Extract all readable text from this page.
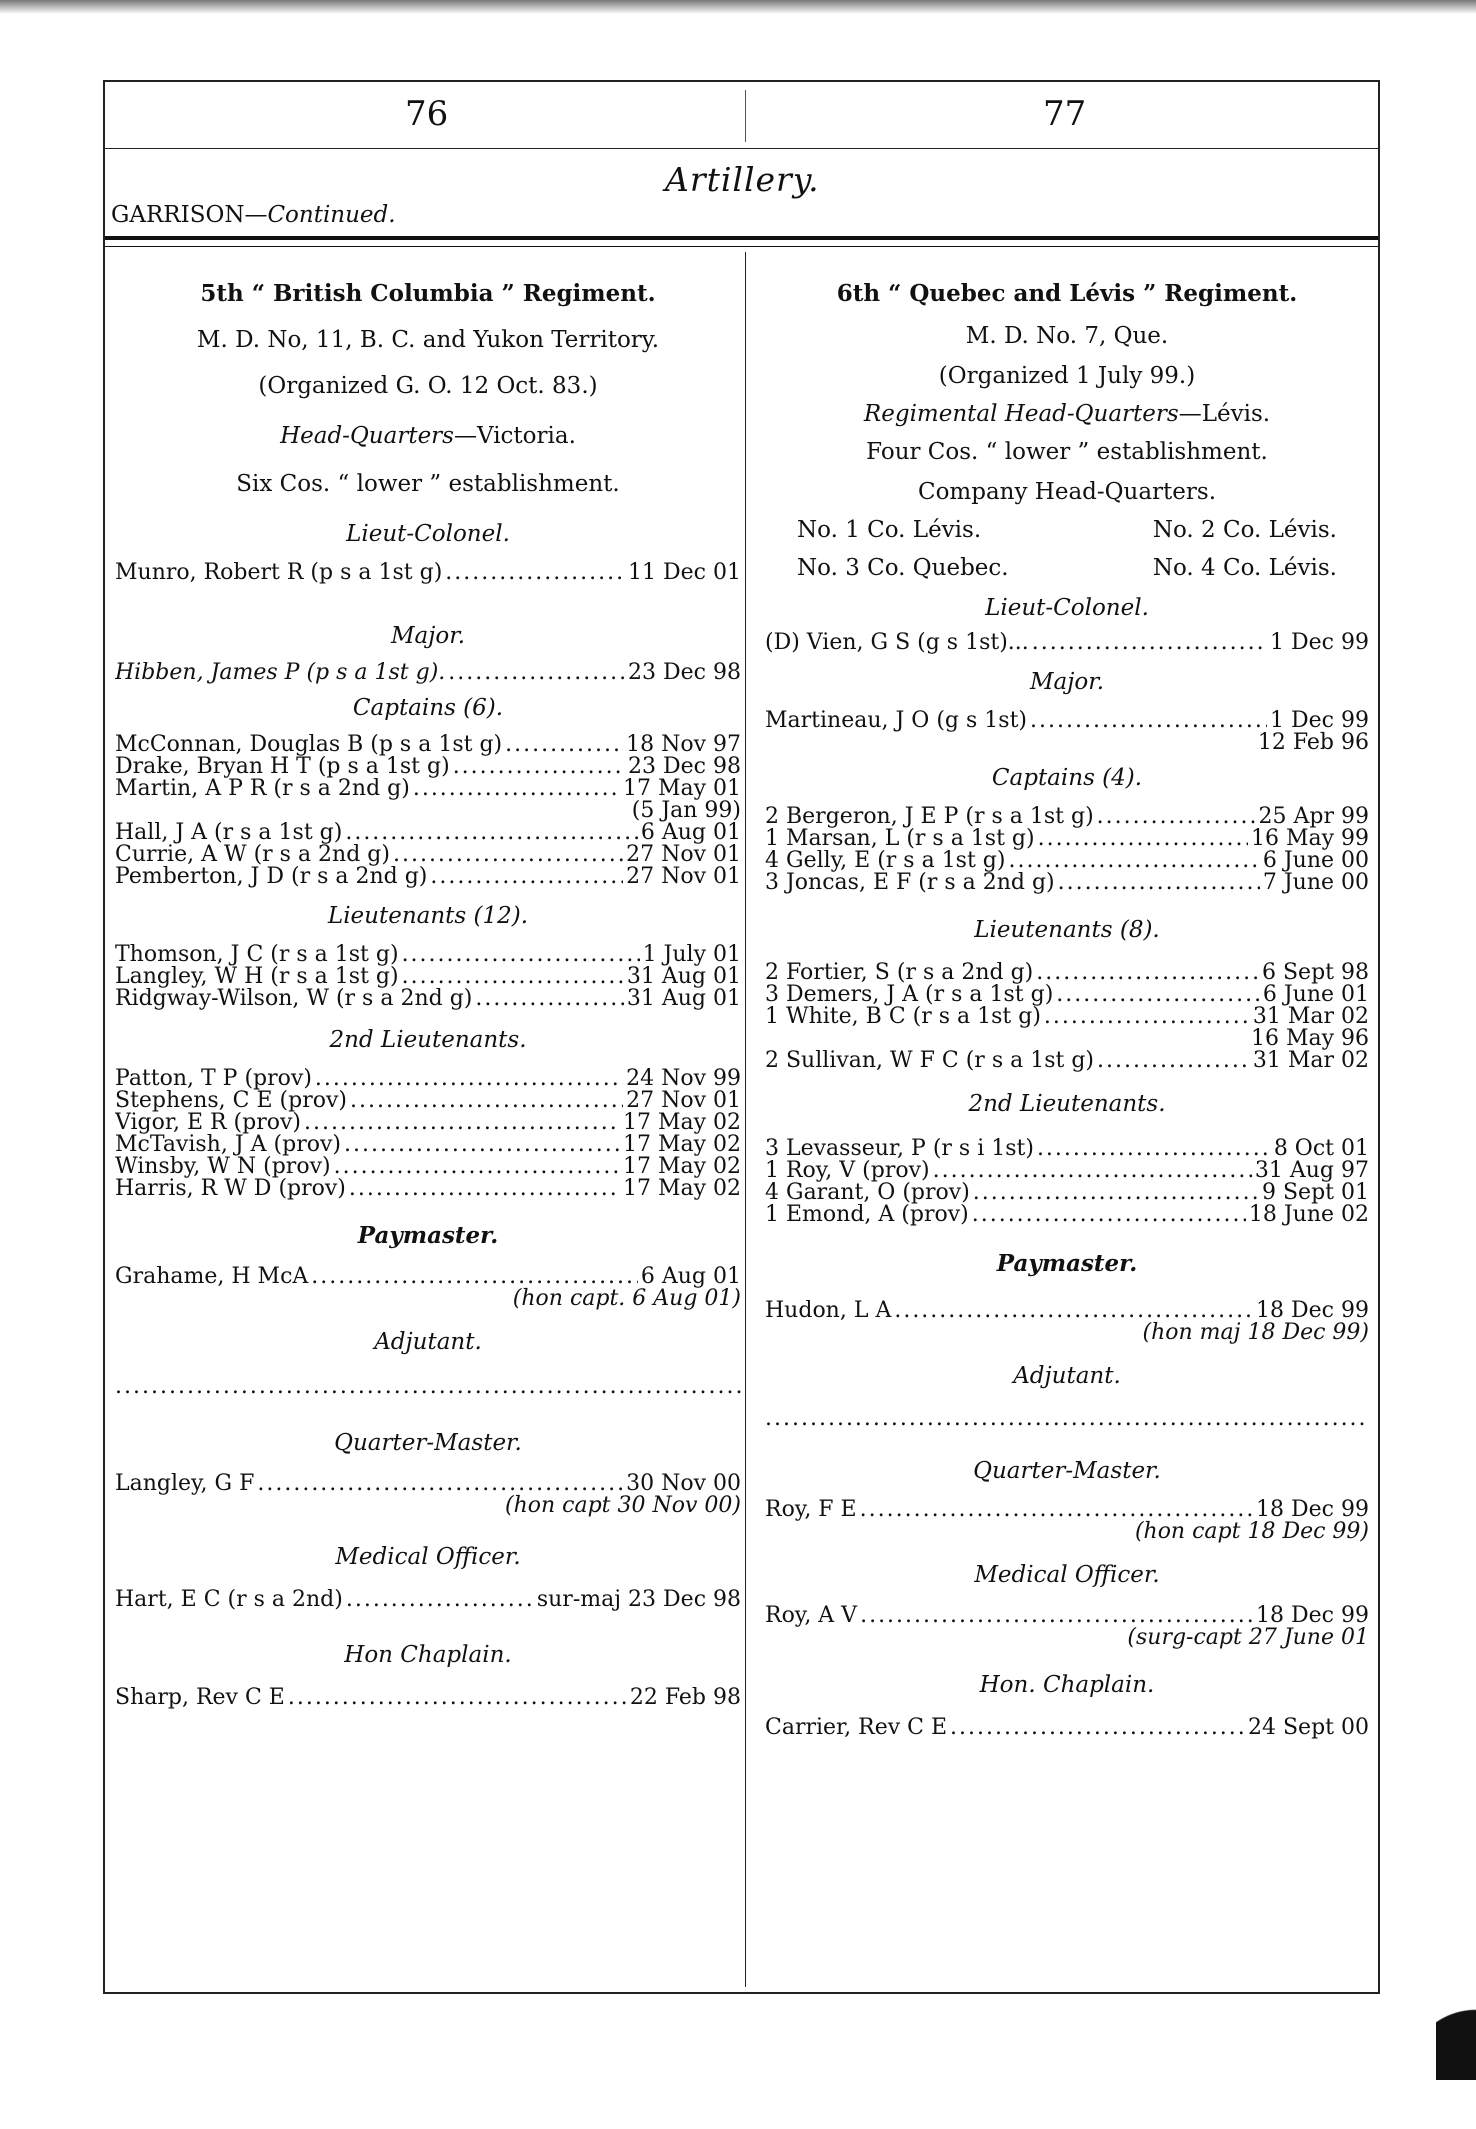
76	77
Artillery.
GARRISON—Continued.
5th “ British Columbia ” Regiment.
M. D. No, 11, B. C. and Yukon Territory.
(Organized G. O. 12 Oct. 83.)
Head-Quarters—Victoria.
Six Cos. “ lower ” establishment.
Lieut-Colonel.
Munro, Robert R (p s a 1st g) .....	11 Dec 01
Major.
Hibben, James P (p s a 1st g). .....	23 Dec 98
Captains (6).
McConnan, Douglas B (p s a 1st g) .....	18 Nov 97
Drake, Bryan H T (p s a 1st g) .....	23 Dec 98
Martin, A P R (r s a 2nd g) .....	17 May 01
(5 Jan 99)
Hall, J A (r s a 1st g) .....	6 Aug 01
Currie, A W (r s a 2nd g) .....	27 Nov 01
Pemberton, J D (r s a 2nd g) .....	27 Nov 01
Lieutenants (12).
Thomson, J C (r s a 1st g) .....	1 July 01
Langley, W H (r s a 1st g) .....	31 Aug 01
Ridgway-Wilson, W (r s a 2nd g) .....	31 Aug 01
2nd Lieutenants.
Patton, T P (prov) .....	24 Nov 99
Stephens, C E (prov) .....	27 Nov 01
Vigor, E R (prov) .....	17 May 02
McTavish, J A (prov) .....	17 May 02
Winsby, W N (prov) .....	17 May 02
Harris, R W D (prov) .....	17 May 02
Paymaster.
Grahame, H McA .....	6 Aug 01
(hon capt. 6 Aug 01)
Adjutant.
.....
Quarter-Master.
Langley, G F .....	30 Nov 00
(hon capt 30 Nov 00)
Medical Officer.
Hart, E C (r s a 2nd) .....	sur-maj 23 Dec 98
Hon Chaplain.
Sharp, Rev C E .....	22 Feb 98
6th “ Quebec and Lévis ” Regiment.
M. D. No. 7, Que.
(Organized 1 July 99.)
Regimental Head-Quarters—Lévis.
Four Cos. “ lower ” establishment.
Company Head-Quarters.
No. 1 Co. Lévis.	No. 2 Co. Lévis.
No. 3 Co. Quebec.	No. 4 Co. Lévis.
Lieut-Colonel.
(D) Vien, G S (g s 1st)... .....	1 Dec 99
Major.
Martineau, J O (g s 1st) .....	1 Dec 99
12 Feb 96
Captains (4).
2 Bergeron, J E P (r s a 1st g) .....	25 Apr 99
1 Marsan, L (r s a 1st g) .....	16 May 99
4 Gelly, E (r s a 1st g) .....	6 June 00
3 Joncas, E F (r s a 2nd g) .....	7 June 00
Lieutenants (8).
2 Fortier, S (r s a 2nd g) .....	6 Sept 98
3 Demers, J A (r s a 1st g) .....	6 June 01
1 White, B C (r s a 1st g) .....	31 Mar 02
16 May 96
2 Sullivan, W F C (r s a 1st g) .....	31 Mar 02
2nd Lieutenants.
3 Levasseur, P (r s i 1st) .....	8 Oct 01
1 Roy, V (prov) .....	31 Aug 97
4 Garant, O (prov) .....	9 Sept 01
1 Emond, A (prov) .....	18 June 02
Paymaster.
Hudon, L A .....	18 Dec 99
(hon maj 18 Dec 99)
Adjutant.
.....
Quarter-Master.
Roy, F E .....	18 Dec 99
(hon capt 18 Dec 99)
Medical Officer.
Roy, A V .....	18 Dec 99
(surg-capt 27 June 01
Hon. Chaplain.
Carrier, Rev C E .....	24 Sept 00
